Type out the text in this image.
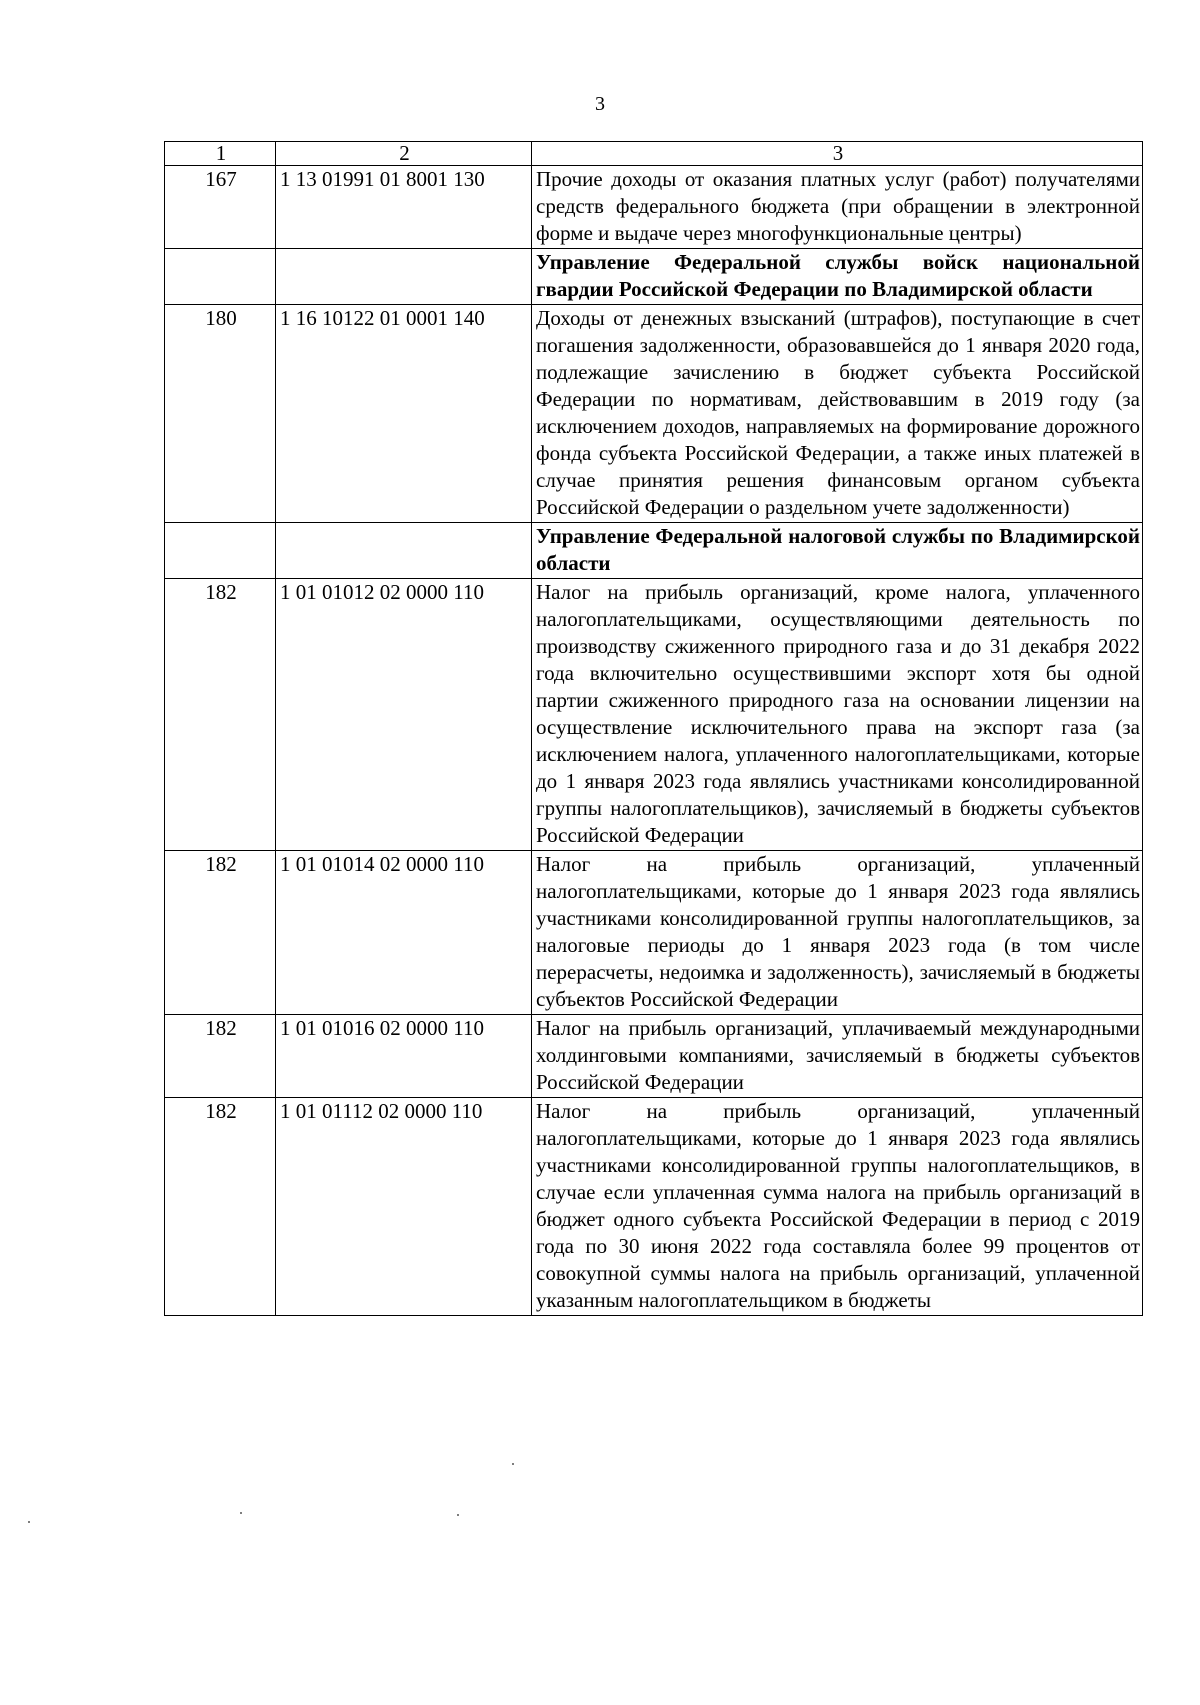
3
1	2	3
167	1 13 01991 01 8001 130	Прочие доходы от оказания платных услуг (работ) получателями средств федерального бюджета (при обращении в электронной форме и выдаче через многофункциональные центры)
		Управление Федеральной службы войск национальной гвардии Российской Федерации по Владимирской области
180	1 16 10122 01 0001 140	Доходы от денежных взысканий (штрафов), поступающие в счет погашения задолженности, образовавшейся до 1 января 2020 года, подлежащие зачислению в бюджет субъекта Российской Федерации по нормативам, действовавшим в 2019 году (за исключением доходов, направляемых на формирование дорожного фонда субъекта Российской Федерации, а также иных платежей в случае принятия решения финансовым органом субъекта Российской Федерации о раздельном учете задолженности)
		Управление Федеральной налоговой службы по Владимирской области
182	1 01 01012 02 0000 110	Налог на прибыль организаций, кроме налога, уплаченного налогоплательщиками, осуществляющими деятельность по производству сжиженного природного газа и до 31 декабря 2022 года включительно осуществившими экспорт хотя бы одной партии сжиженного природного газа на основании лицензии на осуществление исключительного права на экспорт газа (за исключением налога, уплаченного налогоплательщиками, которые до 1 января 2023 года являлись участниками консолидированной группы налогоплательщиков), зачисляемый в бюджеты субъектов Российской Федерации
182	1 01 01014 02 0000 110	Налог на прибыль организаций, уплаченный налогоплательщиками, которые до 1 января 2023 года являлись участниками консолидированной группы налогоплательщиков, за налоговые периоды до 1 января 2023 года (в том числе перерасчеты, недоимка и задолженность), зачисляемый в бюджеты субъектов Российской Федерации
182	1 01 01016 02 0000 110	Налог на прибыль организаций, уплачиваемый международными холдинговыми компаниями, зачисляемый в бюджеты субъектов Российской Федерации
182	1 01 01112 02 0000 110	Налог на прибыль организаций, уплаченный налогоплательщиками, которые до 1 января 2023 года являлись участниками консолидированной группы налогоплательщиков, в случае если уплаченная сумма налога на прибыль организаций в бюджет одного субъекта Российской Федерации в период с 2019 года по 30 июня 2022 года составляла более 99 процентов от совокупной суммы налога на прибыль организаций, уплаченной указанным налогоплательщиком в бюджеты
